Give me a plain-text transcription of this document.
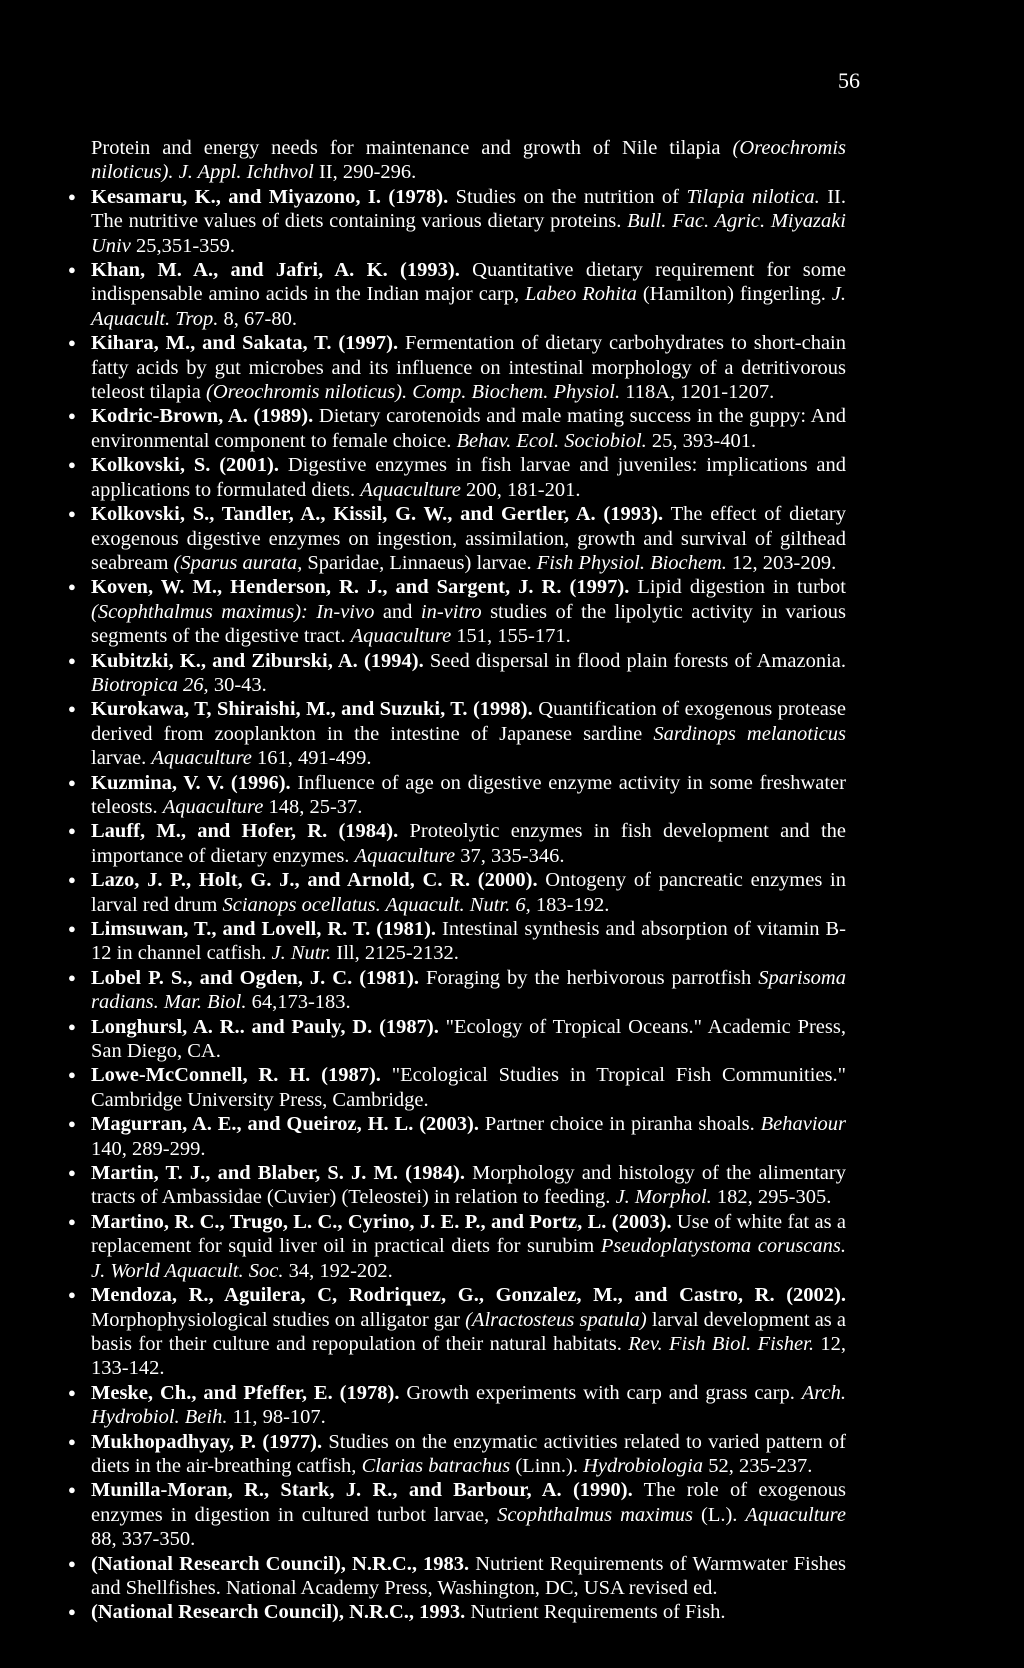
56
Protein and energy needs for maintenance and growth of Nile tilapia (Oreochromis niloticus). J. Appl. Ichthvol II, 290-296.
● Kesamaru, K., and Miyazono, I. (1978). Studies on the nutrition of Tilapia nilotica. II. The nutritive values of diets containing various dietary proteins. Bull. Fac. Agric. Miyazaki Univ 25,351-359.
● Khan, M. A., and Jafri, A. K. (1993). Quantitative dietary requirement for some indispensable amino acids in the Indian major carp, Labeo Rohita (Hamilton) fingerling. J. Aquacult. Trop. 8, 67-80.
● Kihara, M., and Sakata, T. (1997). Fermentation of dietary carbohydrates to short-chain fatty acids by gut microbes and its influence on intestinal morphology of a detritivorous teleost tilapia (Oreochromis niloticus). Comp. Biochem. Physiol. 118A, 1201-1207.
● Kodric-Brown, A. (1989). Dietary carotenoids and male mating success in the guppy: And environmental component to female choice. Behav. Ecol. Sociobiol. 25, 393-401.
● Kolkovski, S. (2001). Digestive enzymes in fish larvae and juveniles: implications and applications to formulated diets. Aquaculture 200, 181-201.
● Kolkovski, S., Tandler, A., Kissil, G. W., and Gertler, A. (1993). The effect of dietary exogenous digestive enzymes on ingestion, assimilation, growth and survival of gilthead seabream (Sparus aurata, Sparidae, Linnaeus) larvae. Fish Physiol. Biochem. 12, 203-209.
● Koven, W. M., Henderson, R. J., and Sargent, J. R. (1997). Lipid digestion in turbot (Scophthalmus maximus): In-vivo and in-vitro studies of the lipolytic activity in various segments of the digestive tract. Aquaculture 151, 155-171.
● Kubitzki, K., and Ziburski, A. (1994). Seed dispersal in flood plain forests of Amazonia. Biotropica 26, 30-43.
● Kurokawa, T, Shiraishi, M., and Suzuki, T. (1998). Quantification of exogenous protease derived from zooplankton in the intestine of Japanese sardine Sardinops melanoticus larvae. Aquaculture 161, 491-499.
● Kuzmina, V. V. (1996). Influence of age on digestive enzyme activity in some freshwater teleosts. Aquaculture 148, 25-37.
● Lauff, M., and Hofer, R. (1984). Proteolytic enzymes in fish development and the importance of dietary enzymes. Aquaculture 37, 335-346.
● Lazo, J. P., Holt, G. J., and Arnold, C. R. (2000). Ontogeny of pancreatic enzymes in larval red drum Scianops ocellatus. Aquacult. Nutr. 6, 183-192.
● Limsuwan, T., and Lovell, R. T. (1981). Intestinal synthesis and absorption of vitamin B-12 in channel catfish. J. Nutr. Ill, 2125-2132.
● Lobel P. S., and Ogden, J. C. (1981). Foraging by the herbivorous parrotfish Sparisoma radians. Mar. Biol. 64,173-183.
● Longhursl, A. R.. and Pauly, D. (1987). "Ecology of Tropical Oceans." Academic Press, San Diego, CA.
● Lowe-McConnell, R. H. (1987). "Ecological Studies in Tropical Fish Communities." Cambridge University Press, Cambridge.
● Magurran, A. E., and Queiroz, H. L. (2003). Partner choice in piranha shoals. Behaviour 140, 289-299.
● Martin, T. J., and Blaber, S. J. M. (1984). Morphology and histology of the alimentary tracts of Ambassidae (Cuvier) (Teleostei) in relation to feeding. J. Morphol. 182, 295-305.
● Martino, R. C., Trugo, L. C., Cyrino, J. E. P., and Portz, L. (2003). Use of white fat as a replacement for squid liver oil in practical diets for surubim Pseudoplatystoma coruscans. J. World Aquacult. Soc. 34, 192-202.
● Mendoza, R., Aguilera, C, Rodriquez, G., Gonzalez, M., and Castro, R. (2002). Morphophysiological studies on alligator gar (Alractosteus spatula) larval development as a basis for their culture and repopulation of their natural habitats. Rev. Fish Biol. Fisher. 12, 133-142.
● Meske, Ch., and Pfeffer, E. (1978). Growth experiments with carp and grass carp. Arch. Hydrobiol. Beih. 11, 98-107.
● Mukhopadhyay, P. (1977). Studies on the enzymatic activities related to varied pattern of diets in the air-breathing catfish, Clarias batrachus (Linn.). Hydrobiologia 52, 235-237.
● Munilla-Moran, R., Stark, J. R., and Barbour, A. (1990). The role of exogenous enzymes in digestion in cultured turbot larvae, Scophthalmus maximus (L.). Aquaculture 88, 337-350.
● (National Research Council), N.R.C., 1983. Nutrient Requirements of Warmwater Fishes and Shellfishes. National Academy Press, Washington, DC, USA revised ed.
● (National Research Council), N.R.C., 1993. Nutrient Requirements of Fish.
